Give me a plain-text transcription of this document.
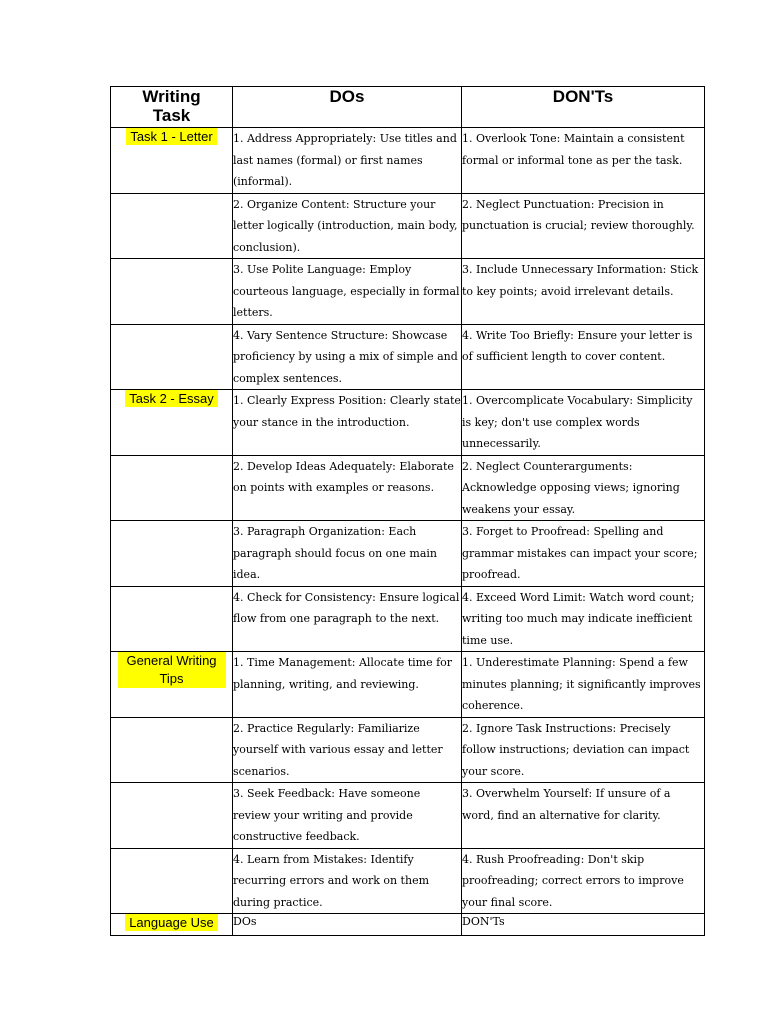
Writing Task	DOs	DON'Ts
Task 1 - Letter	1. Address Appropriately: Use titles and last names (formal) or first names (informal).	1. Overlook Tone: Maintain a consistent formal or informal tone as per the task.
	2. Organize Content: Structure your letter logically (introduction, main body, conclusion).	2. Neglect Punctuation: Precision in punctuation is crucial; review thoroughly.
	3. Use Polite Language: Employ courteous language, especially in formal letters.	3. Include Unnecessary Information: Stick to key points; avoid irrelevant details.
	4. Vary Sentence Structure: Showcase proficiency by using a mix of simple and complex sentences.	4. Write Too Briefly: Ensure your letter is of sufficient length to cover content.
Task 2 - Essay	1. Clearly Express Position: Clearly state your stance in the introduction.	1. Overcomplicate Vocabulary: Simplicity is key; don't use complex words unnecessarily.
	2. Develop Ideas Adequately: Elaborate on points with examples or reasons.	2. Neglect Counterarguments: Acknowledge opposing views; ignoring weakens your essay.
	3. Paragraph Organization: Each paragraph should focus on one main idea.	3. Forget to Proofread: Spelling and grammar mistakes can impact your score; proofread.
	4. Check for Consistency: Ensure logical flow from one paragraph to the next.	4. Exceed Word Limit: Watch word count; writing too much may indicate inefficient time use.
General Writing Tips	1. Time Management: Allocate time for planning, writing, and reviewing.	1. Underestimate Planning: Spend a few minutes planning; it significantly improves coherence.
	2. Practice Regularly: Familiarize yourself with various essay and letter scenarios.	2. Ignore Task Instructions: Precisely follow instructions; deviation can impact your score.
	3. Seek Feedback: Have someone review your writing and provide constructive feedback.	3. Overwhelm Yourself: If unsure of a word, find an alternative for clarity.
	4. Learn from Mistakes: Identify recurring errors and work on them during practice.	4. Rush Proofreading: Don't skip proofreading; correct errors to improve your final score.
Language Use	DOs	DON'Ts
